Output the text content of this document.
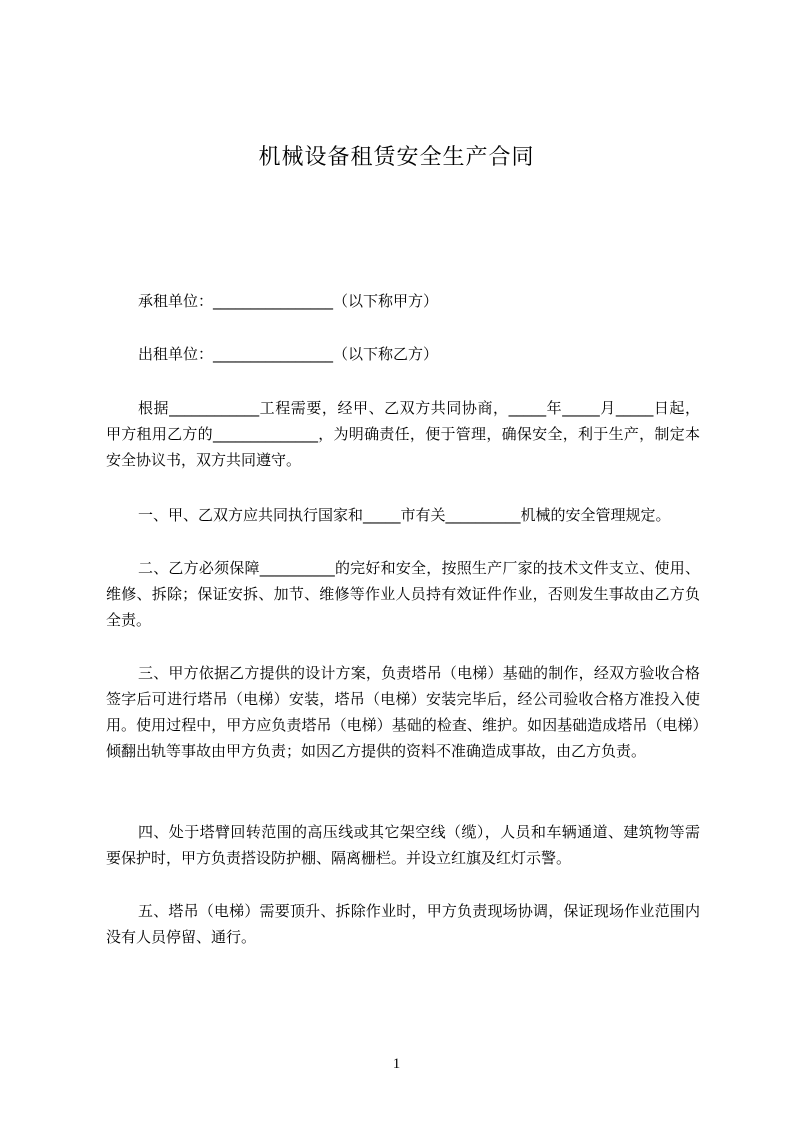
机械设备租赁安全生产合同

承租单位：________________（以下称甲方）

出租单位：________________（以下称乙方）

根据____________工程需要，经甲、乙双方共同协商，_____年_____月_____日起，甲方租用乙方的______________，为明确责任，便于管理，确保安全，利于生产，制定本安全协议书，双方共同遵守。

一、甲、乙双方应共同执行国家和_____市有关__________机械的安全管理规定。

二、乙方必须保障__________的完好和安全，按照生产厂家的技术文件支立、使用、维修、拆除；保证安拆、加节、维修等作业人员持有效证件作业，否则发生事故由乙方负全责。

三、甲方依据乙方提供的设计方案，负责塔吊（电梯）基础的制作，经双方验收合格签字后可进行塔吊（电梯）安装，塔吊（电梯）安装完毕后，经公司验收合格方准投入使用。使用过程中，甲方应负责塔吊（电梯）基础的检查、维护。如因基础造成塔吊（电梯）倾翻出轨等事故由甲方负责；如因乙方提供的资料不准确造成事故，由乙方负责。

四、处于塔臂回转范围的高压线或其它架空线（缆），人员和车辆通道、建筑物等需要保护时，甲方负责搭设防护棚、隔离栅栏。并设立红旗及红灯示警。

五、塔吊（电梯）需要顶升、拆除作业时，甲方负责现场协调，保证现场作业范围内没有人员停留、通行。

1
